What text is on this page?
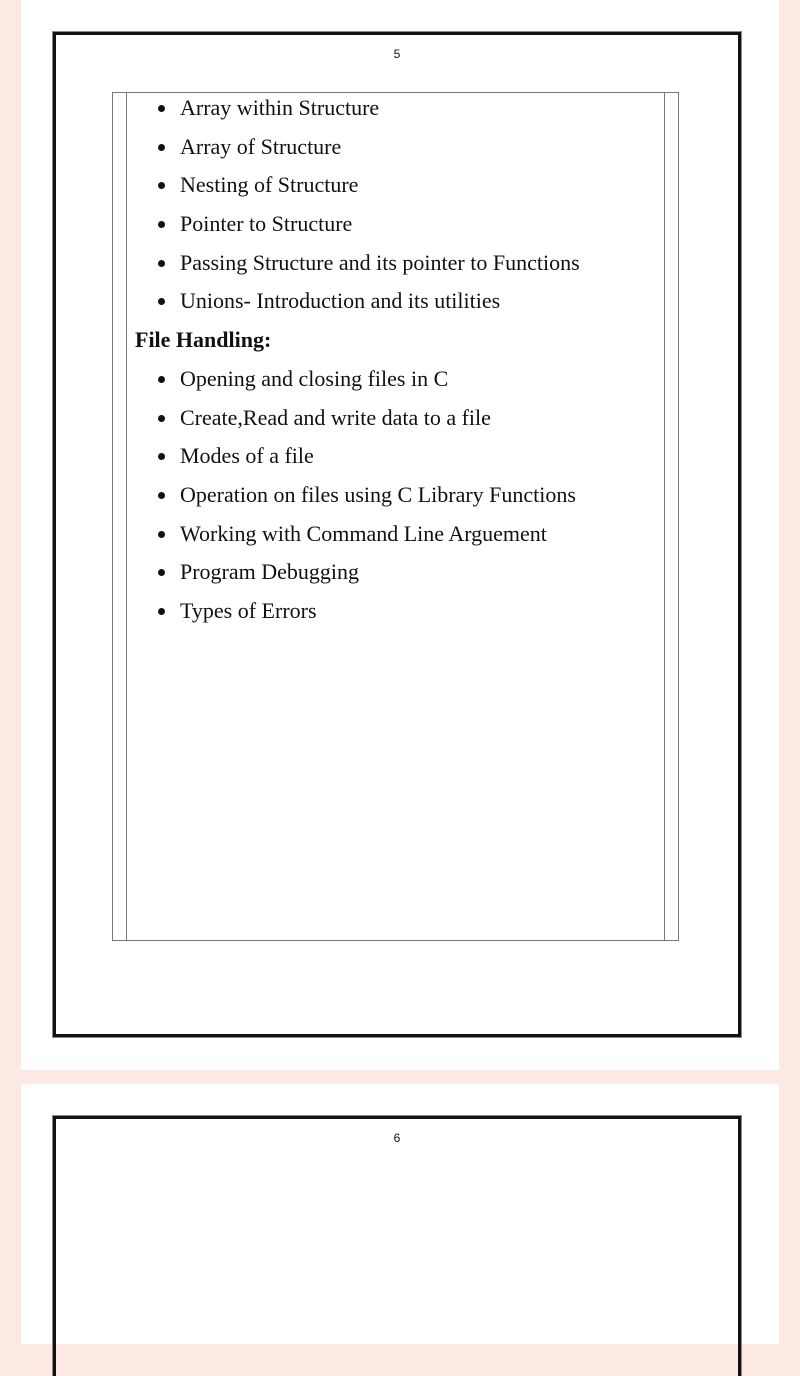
5
Array within Structure
Array of Structure
Nesting of Structure
Pointer to Structure
Passing Structure and its pointer to Functions
Unions- Introduction and its utilities
File Handling:
Opening and closing files in C
Create,Read and write data to a file
Modes of a file
Operation on files using C Library Functions
Working with Command Line Arguement
Program Debugging
Types of Errors
6
